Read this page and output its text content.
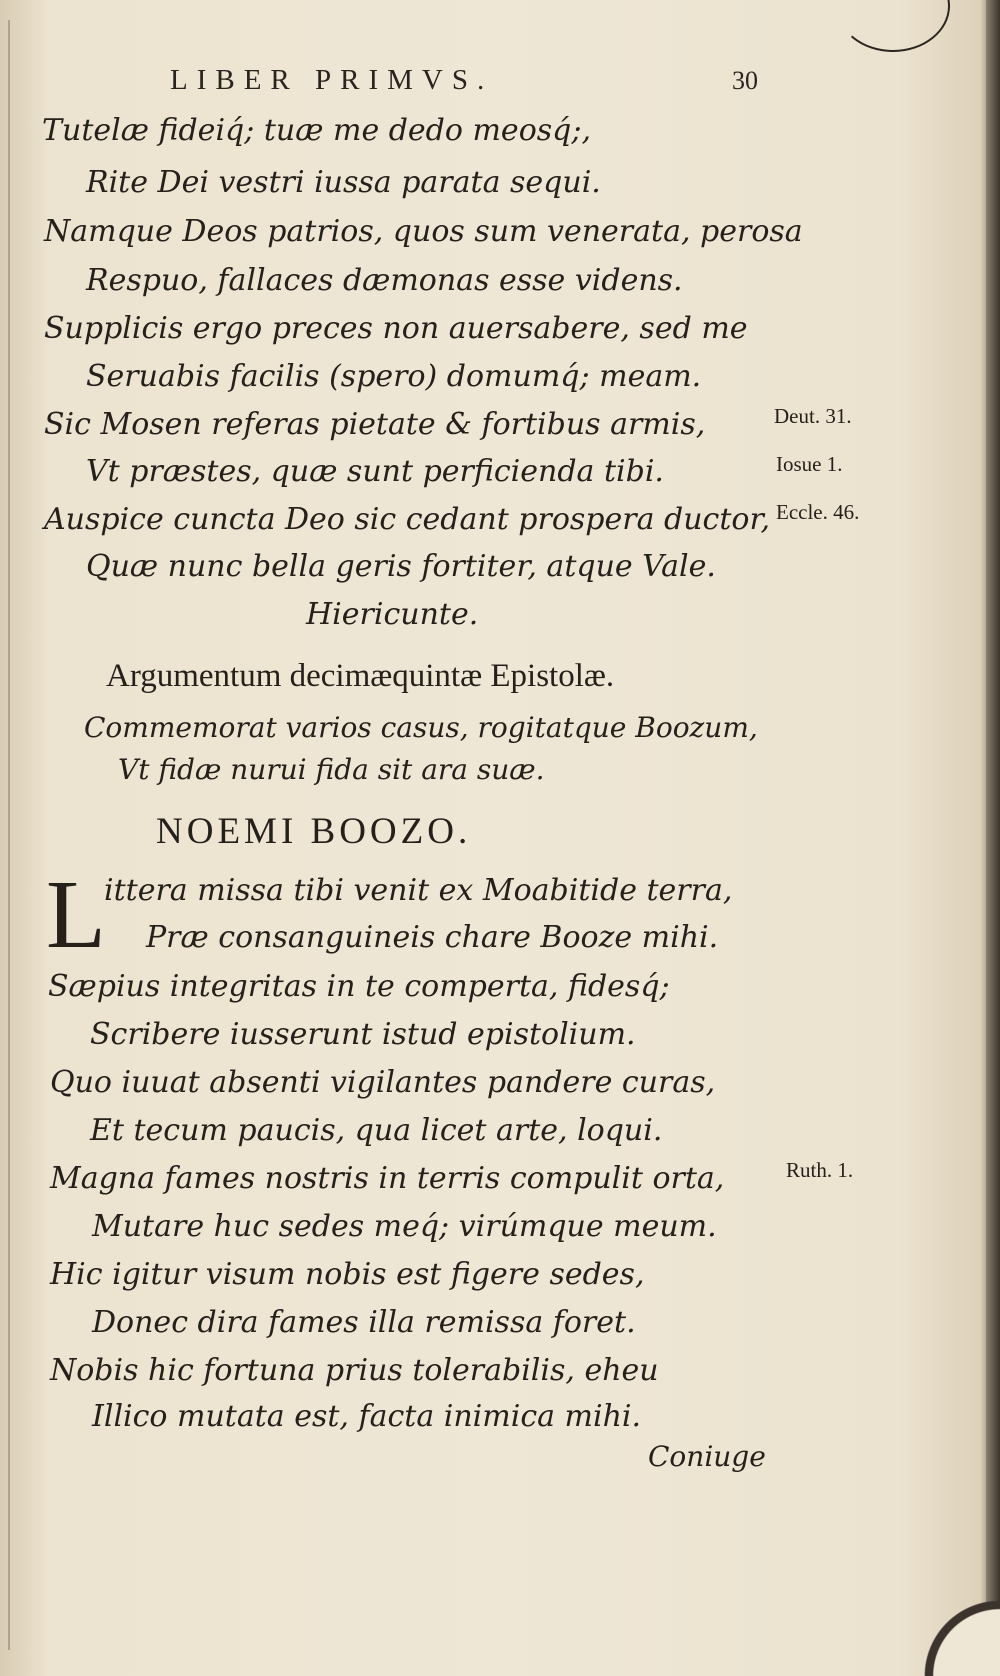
LIBER PRIMVS.	30
Tutelæ fideiq́; tuæ me dedo meosq́;,
Rite Dei vestri iussa parata sequi.
Namque Deos patrios, quos sum venerata, perosa
Respuo, fallaces dæmonas esse videns.
Supplicis ergo preces non auersabere, sed me
Seruabis facilis (spero) domumq́; meam.
Sic Mosen referas pietate & fortibus armis,
Vt præstes, quæ sunt perficienda tibi.
Auspice cuncta Deo sic cedant prospera ductor,
Quæ nunc bella geris fortiter, atque Vale.
Hiericunte.
Deut. 31.
Iosue 1.
Eccle. 46.
Argumentum decimæquintæ Epistolæ.
Commemorat varios casus, rogitatque Boozum,
Vt fidæ nurui fida sit ara suæ.
NOEMI BOOZO.
L
ittera missa tibi venit ex Moabitide terra,
Præ consanguineis chare Booze mihi.
Sæpius integritas in te comperta, fidesq́;
Scribere iusserunt istud epistolium.
Quo iuuat absenti vigilantes pandere curas,
Et tecum paucis, qua licet arte, loqui.
Magna fames nostris in terris compulit orta,
Mutare huc sedes meq́; virúmque meum.
Hic igitur visum nobis est figere sedes,
Donec dira fames illa remissa foret.
Nobis hic fortuna prius tolerabilis, eheu
Illico mutata est, facta inimica mihi.
Ruth. 1.
Coniuge
